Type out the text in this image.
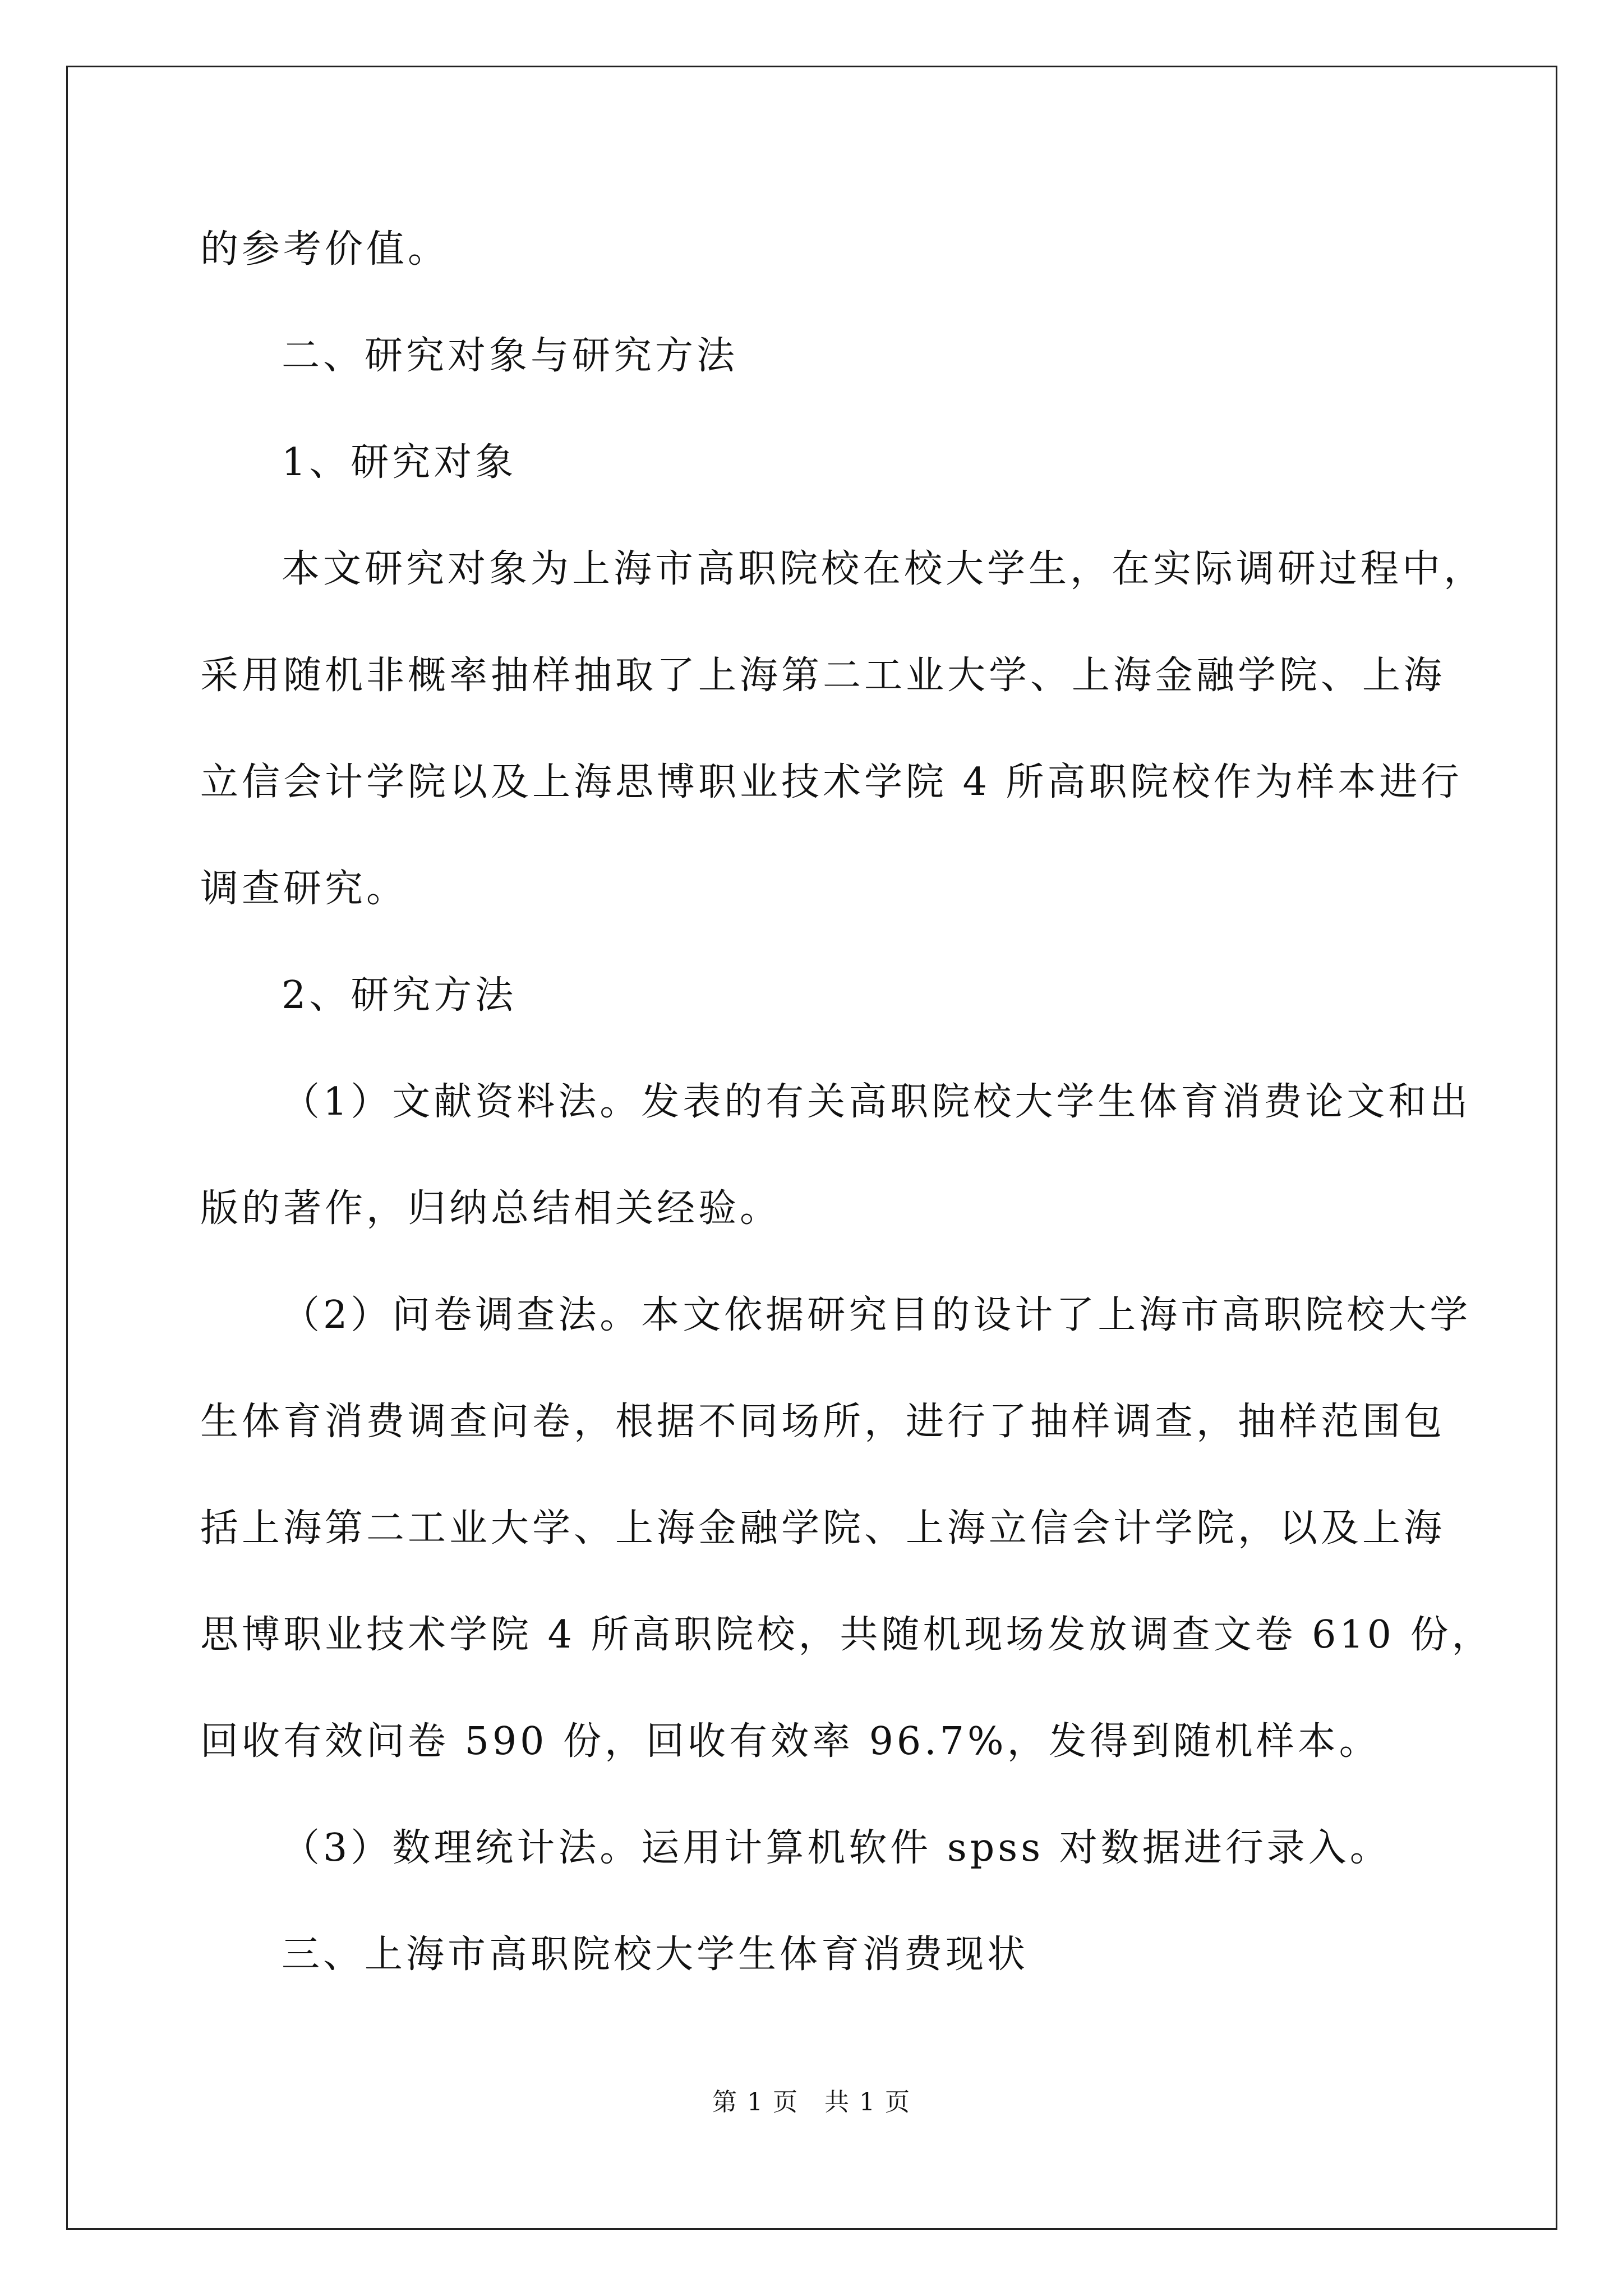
的参考价值。
二、研究对象与研究方法
1、研究对象
本文研究对象为上海市高职院校在校大学生，在实际调研过程中，
采用随机非概率抽样抽取了上海第二工业大学、上海金融学院、上海
立信会计学院以及上海思博职业技术学院 4 所高职院校作为样本进行
调查研究。
2、研究方法
（1）文献资料法。发表的有关高职院校大学生体育消费论文和出
版的著作，归纳总结相关经验。
（2）问卷调查法。本文依据研究目的设计了上海市高职院校大学
生体育消费调查问卷，根据不同场所，进行了抽样调查，抽样范围包
括上海第二工业大学、上海金融学院、上海立信会计学院，以及上海
思博职业技术学院 4 所高职院校，共随机现场发放调查文卷 610 份，
回收有效问卷 590 份，回收有效率 96.7%，发得到随机样本。
（3）数理统计法。运用计算机软件 spss 对数据进行录入。
三、上海市高职院校大学生体育消费现状
第 1 页　共 1 页
